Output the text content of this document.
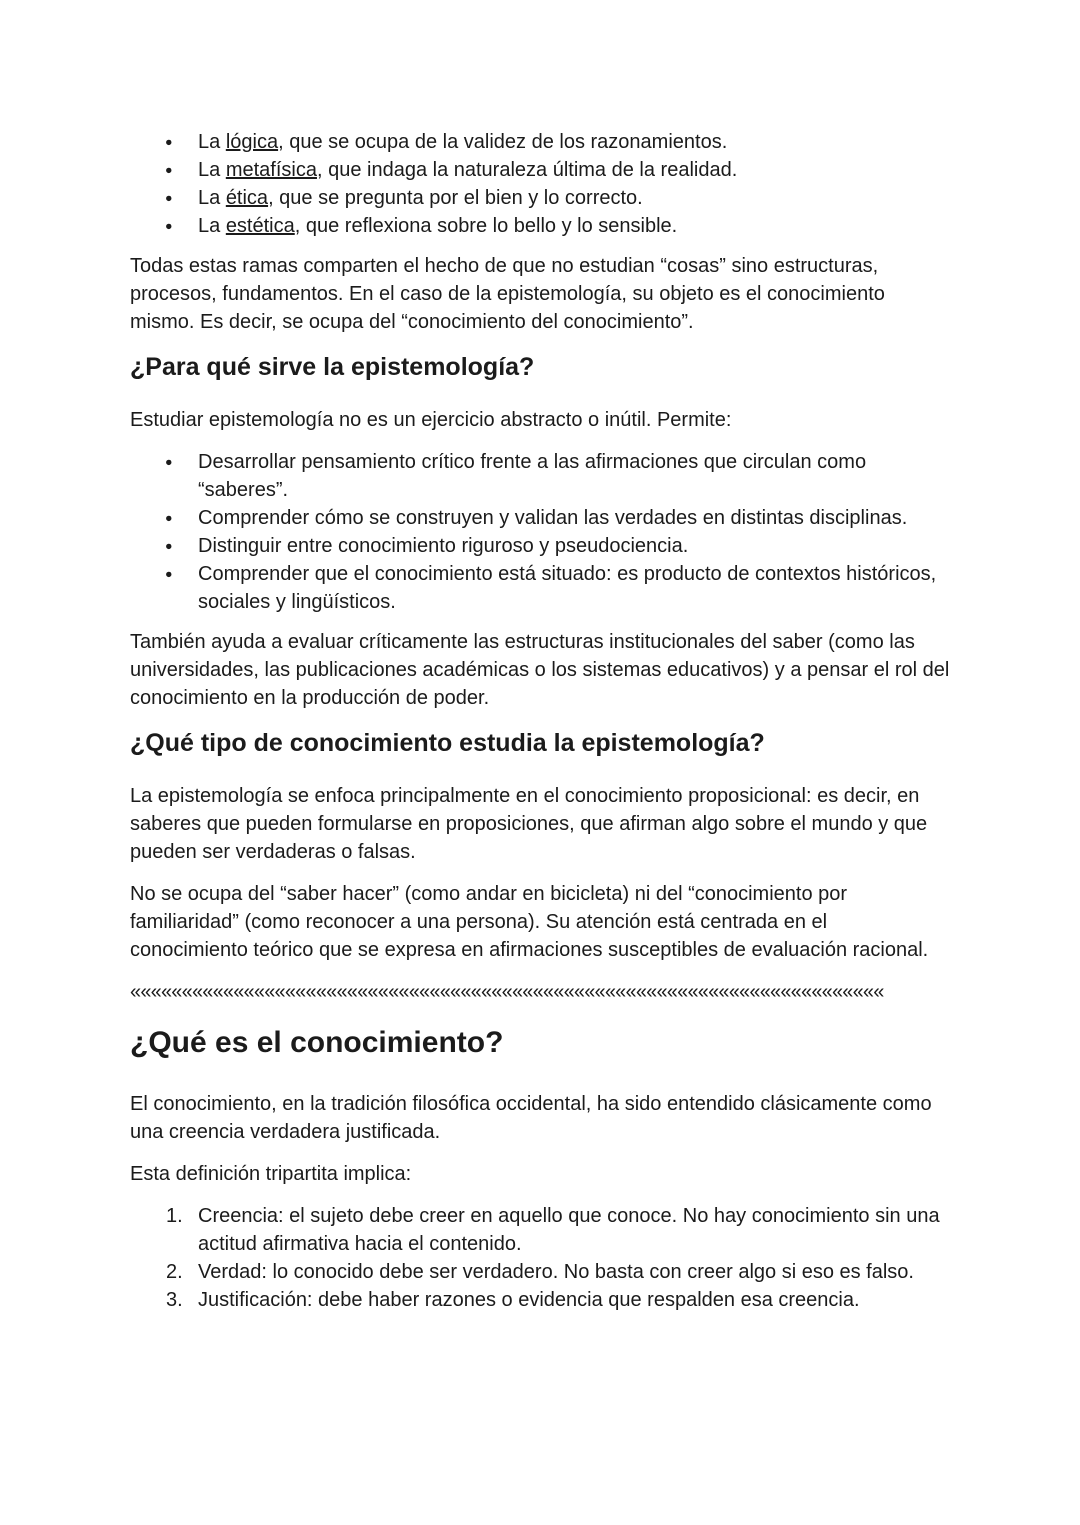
● La lógica, que se ocupa de la validez de los razonamientos.
● La metafísica, que indaga la naturaleza última de la realidad.
● La ética, que se pregunta por el bien y lo correcto.
● La estética, que reflexiona sobre lo bello y lo sensible.

Todas estas ramas comparten el hecho de que no estudian “cosas” sino estructuras, procesos, fundamentos. En el caso de la epistemología, su objeto es el conocimiento mismo. Es decir, se ocupa del “conocimiento del conocimiento”.

¿Para qué sirve la epistemología?

Estudiar epistemología no es un ejercicio abstracto o inútil. Permite:

● Desarrollar pensamiento crítico frente a las afirmaciones que circulan como “saberes”.
● Comprender cómo se construyen y validan las verdades en distintas disciplinas.
● Distinguir entre conocimiento riguroso y pseudociencia.
● Comprender que el conocimiento está situado: es producto de contextos históricos, sociales y lingüísticos.

También ayuda a evaluar críticamente las estructuras institucionales del saber (como las universidades, las publicaciones académicas o los sistemas educativos) y a pensar el rol del conocimiento en la producción de poder.

¿Qué tipo de conocimiento estudia la epistemología?

La epistemología se enfoca principalmente en el conocimiento proposicional: es decir, en saberes que pueden formularse en proposiciones, que afirman algo sobre el mundo y que pueden ser verdaderas o falsas.

No se ocupa del “saber hacer” (como andar en bicicleta) ni del “conocimiento por familiaridad” (como reconocer a una persona). Su atención está centrada en el conocimiento teórico que se expresa en afirmaciones susceptibles de evaluación racional.

«««««««««««««««««««««««««««««««««««««««««««««««««««««««««««««««««««««««««

¿Qué es el conocimiento?

El conocimiento, en la tradición filosófica occidental, ha sido entendido clásicamente como una creencia verdadera justificada.

Esta definición tripartita implica:

Creencia: el sujeto debe creer en aquello que conoce. No hay conocimiento sin una actitud afirmativa hacia el contenido.
Verdad: lo conocido debe ser verdadero. No basta con creer algo si eso es falso.
Justificación: debe haber razones o evidencia que respalden esa creencia.
